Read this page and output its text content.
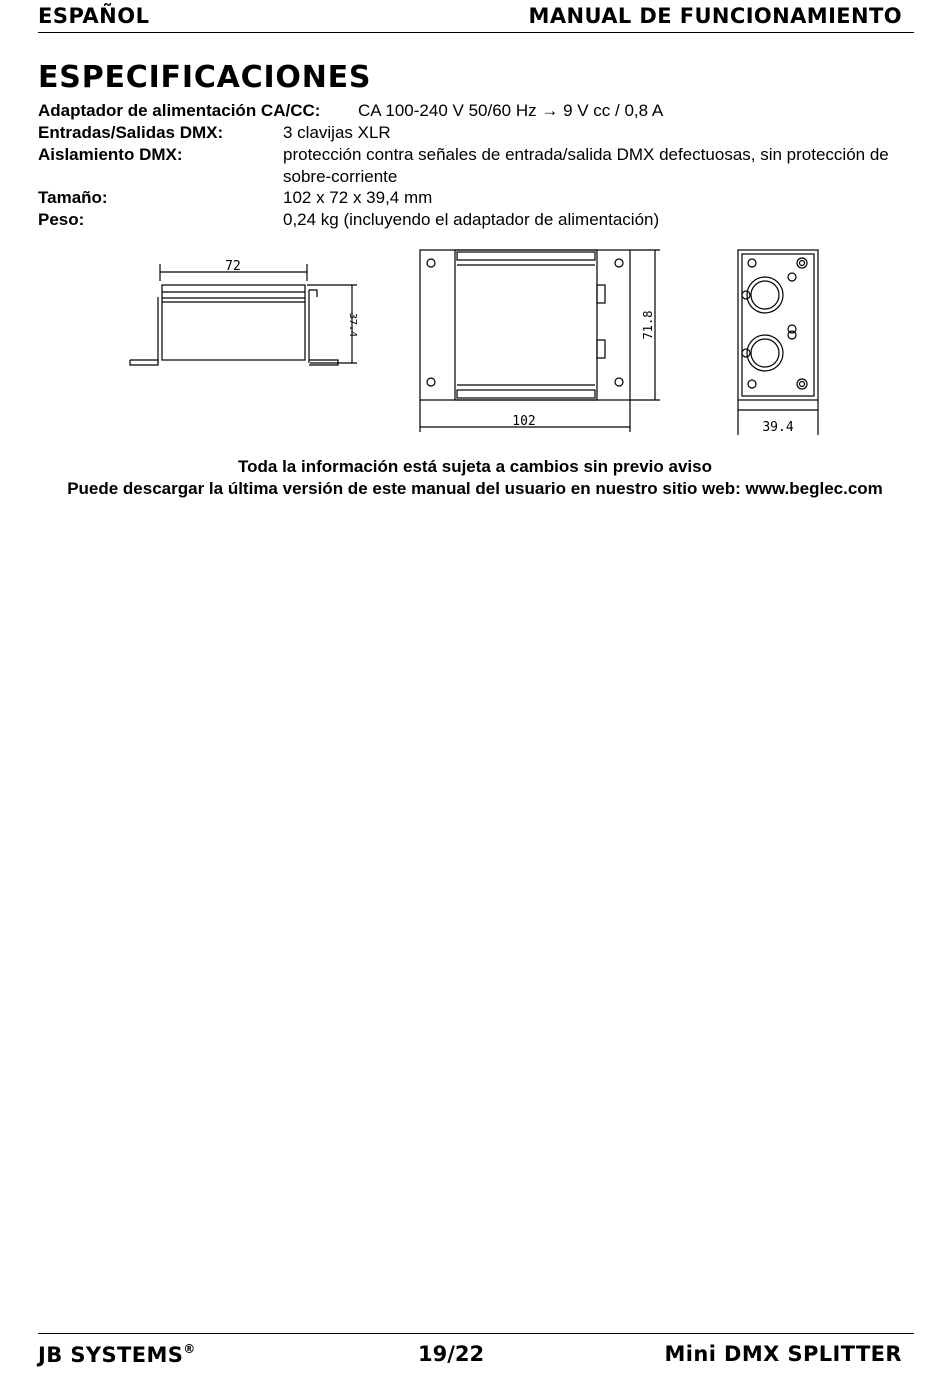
ESPAÑOL	MANUAL DE FUNCIONAMIENTO
ESPECIFICACIONES
Adaptador de alimentación CA/CC: CA 100-240 V 50/60 Hz → 9 V cc / 0,8 A
Entradas/Salidas DMX:	3 clavijas XLR
Aislamiento DMX:	protección contra señales de entrada/salida DMX defectuosas, sin protección de sobre-corriente
Tamaño:	102 x 72 x 39,4 mm
Peso:	0,24 kg (incluyendo el adaptador de alimentación)
72
37.4	71.8
102	39.4
Toda la información está sujeta a cambios sin previo aviso
Puede descargar la última versión de este manual del usuario en nuestro sitio web: www.beglec.com
JB SYSTEMS®	19/22	Mini DMX SPLITTER
